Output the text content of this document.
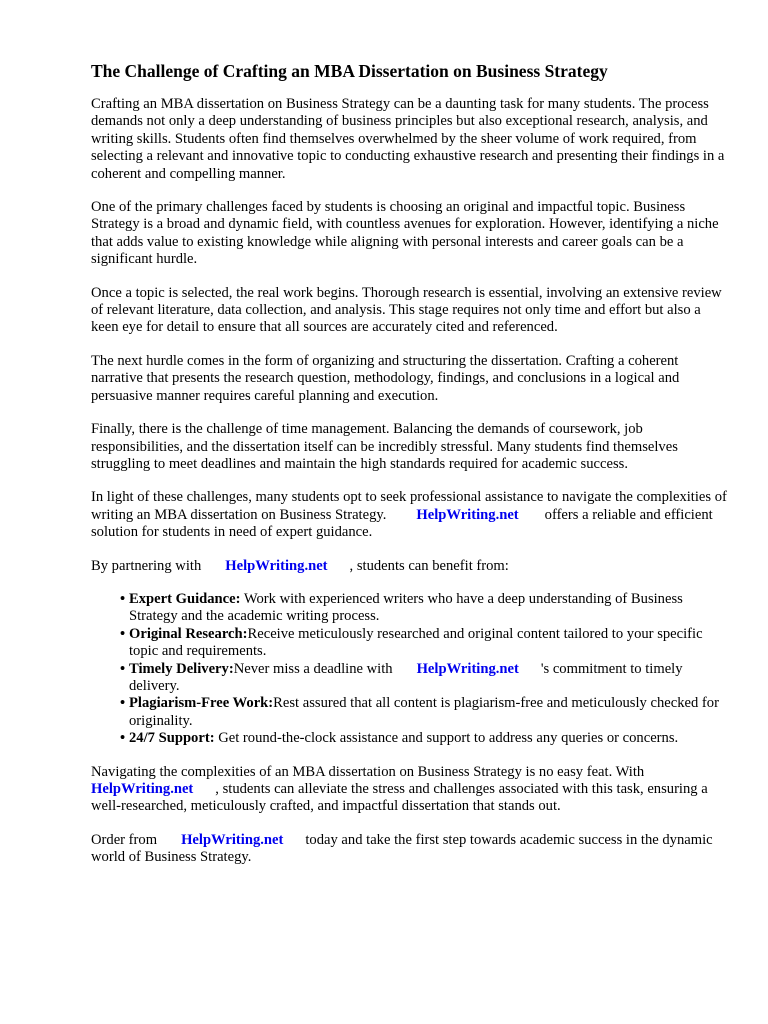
The Challenge of Crafting an MBA Dissertation on Business Strategy

Crafting an MBA dissertation on Business Strategy can be a daunting task for many students. The process demands not only a deep understanding of business principles but also exceptional research, analysis, and writing skills. Students often find themselves overwhelmed by the sheer volume of work required, from selecting a relevant and innovative topic to conducting exhaustive research and presenting their findings in a coherent and compelling manner.

One of the primary challenges faced by students is choosing an original and impactful topic. Business Strategy is a broad and dynamic field, with countless avenues for exploration. However, identifying a niche that adds value to existing knowledge while aligning with personal interests and career goals can be a significant hurdle.

Once a topic is selected, the real work begins. Thorough research is essential, involving an extensive review of relevant literature, data collection, and analysis. This stage requires not only time and effort but also a keen eye for detail to ensure that all sources are accurately cited and referenced.

The next hurdle comes in the form of organizing and structuring the dissertation. Crafting a coherent narrative that presents the research question, methodology, findings, and conclusions in a logical and persuasive manner requires careful planning and execution.

Finally, there is the challenge of time management. Balancing the demands of coursework, job responsibilities, and the dissertation itself can be incredibly stressful. Many students find themselves struggling to meet deadlines and maintain the high standards required for academic success.

In light of these challenges, many students opt to seek professional assistance to navigate the complexities of writing an MBA dissertation on Business Strategy. HelpWriting.net offers a reliable and efficient solution for students in need of expert guidance.

By partnering with HelpWriting.net , students can benefit from:

• Expert Guidance: Work with experienced writers who have a deep understanding of Business Strategy and the academic writing process.
• Original Research:Receive meticulously researched and original content tailored to your specific topic and requirements.
• Timely Delivery:Never miss a deadline with HelpWriting.net 's commitment to timely delivery.
• Plagiarism-Free Work:Rest assured that all content is plagiarism-free and meticulously checked for originality.
• 24/7 Support: Get round-the-clock assistance and support to address any queries or concerns.

Navigating the complexities of an MBA dissertation on Business Strategy is no easy feat. With HelpWriting.net , students can alleviate the stress and challenges associated with this task, ensuring a well-researched, meticulously crafted, and impactful dissertation that stands out.

Order from HelpWriting.net today and take the first step towards academic success in the dynamic world of Business Strategy.
